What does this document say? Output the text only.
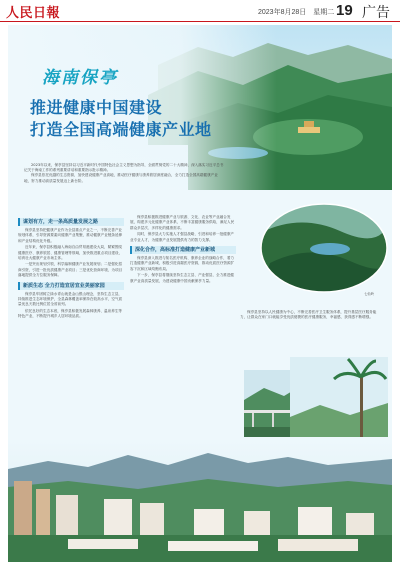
人民日報	2023年8月28日　星期二 19 广告
海南保亭
推进健康中国建设
打造全国高端健康产业地

2023年以来，保亭县坚持以习近平新时代中国特色社会主义思想为指导，全面贯彻党的二十大精神，深入落实习近平总书记关于海南工作的系列重要讲话和重要指示批示精神。

保亭县依托优越的生态资源，加快建设健康产业高地，推动医疗健康与康养旅居深度融合，全力打造全国高端健康产业地，努力推动高质量发展迈上新台阶。

谋划有方，走一条高质量发展之路

保亭县坚持把健康产业作为全县重点产业之一，不断完善产业规划体系，引导资源要素向健康产业集聚，推动健康产业链条延伸和产业结构优化升级。

近年来，保亭县积极融入海南自由贸易港建设大局，紧紧围绕健康医疗、康养旅居、健康管理等领域，加快推进重点项目建设，培育壮大健康产业市场主体。

一是突出规划引领，科学编制健康产业发展规划；二是强化招商引资，引进一批优质健康产业项目；三是优化营商环境，为项目落地提供全方位服务保障。

新质生态 全力打造宜居宜业美丽家园

保亭县牢固树立绿水青山就是金山银山理念，坚持生态立县，持续推进生态环境保护，全县森林覆盖率保持在较高水平，空气质量优良天数比例位居全省前列。

依托良好的生态本底，保亭县积极发展森林康养、温泉养生等特色产业，不断提升城乡人居环境品质。

保亭县积极推进健康产业与旅游、文化、农业等产业融合发展，构建多元化健康产业体系，不断丰富健康服务供给，满足人民群众多层次、多样化的健康需求。

同时，保亭县大力实施人才强县战略，引进和培养一批健康产业专业人才，为健康产业发展提供有力的智力支撑。

深化合作，高标准打造健康产业新城

保亭县深入推进与知名医疗机构、康养企业的战略合作，着力打造健康产业新城，积极引进高端医疗资源，推动优质医疗资源扩容下沉和区域均衡布局。

下一步，保亭县将继续坚持生态立县、产业强县，全力推进健康产业高质量发展，为建设健康中国贡献保亭力量。

七仙岭

保亭县坚持以人民健康为中心，不断完善医疗卫生服务体系，提升基层医疗服务能力，让群众在家门口就能享受优质便捷的医疗健康服务，幸福感、获得感不断增强。
